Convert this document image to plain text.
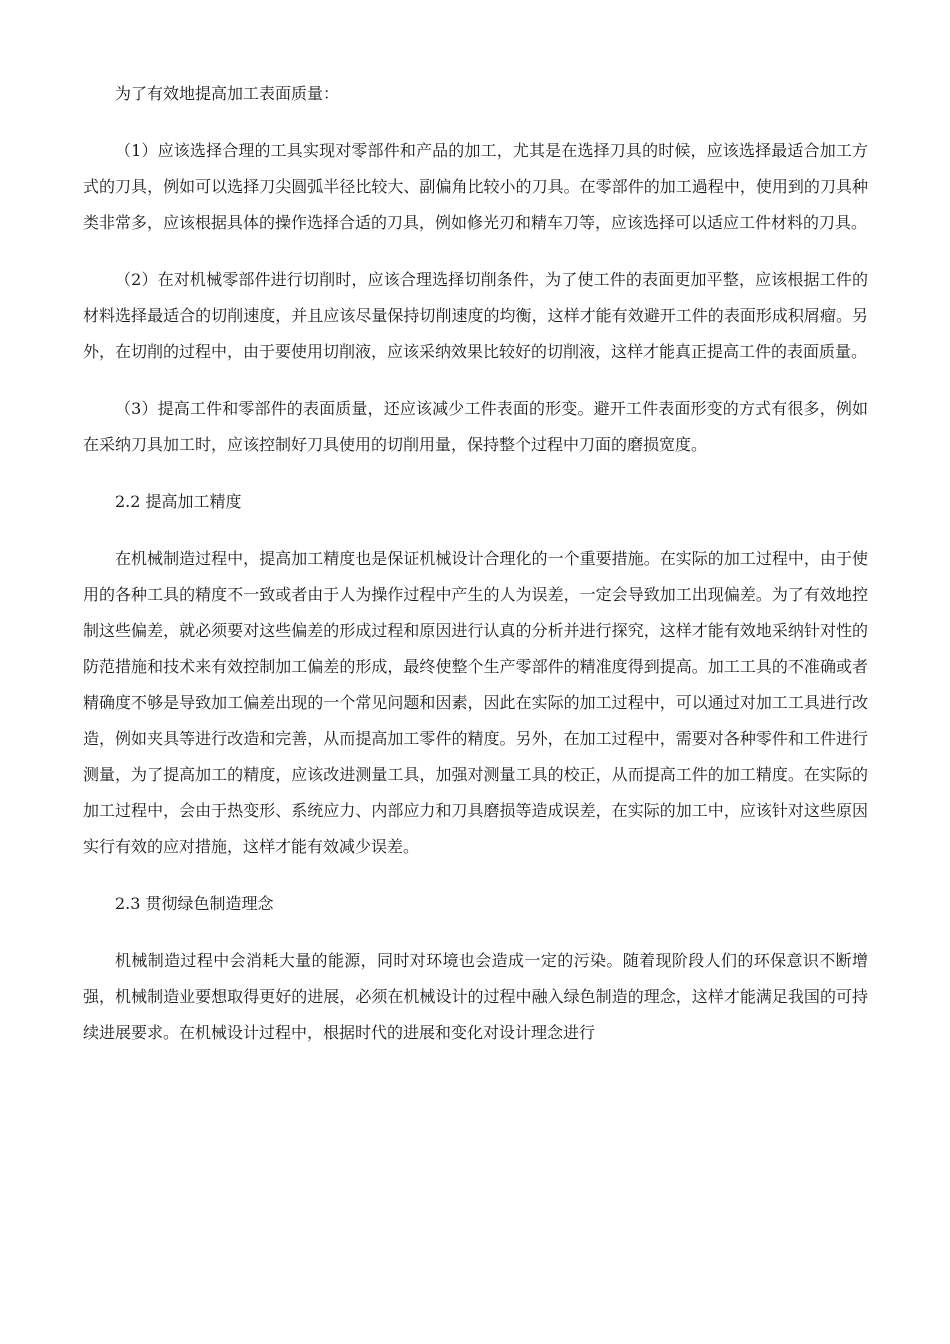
为了有效地提高加工表面质量：

（1）应该选择合理的工具实现对零部件和产品的加工，尤其是在选择刀具的时候，应该选择最适合加工方式的刀具，例如可以选择刀尖圆弧半径比较大、副偏角比较小的刀具。在零部件的加工過程中，使用到的刀具种类非常多，应该根据具体的操作选择合适的刀具，例如修光刃和精车刀等，应该选择可以适应工件材料的刀具。

（2）在对机械零部件进行切削时，应该合理选择切削条件，为了使工件的表面更加平整，应该根据工件的材料选择最适合的切削速度，并且应该尽量保持切削速度的均衡，这样才能有效避开工件的表面形成积屑瘤。另外，在切削的过程中，由于要使用切削液，应该采纳效果比较好的切削液，这样才能真正提高工件的表面质量。

（3）提高工件和零部件的表面质量，还应该减少工件表面的形变。避开工件表面形变的方式有很多，例如在采纳刀具加工时，应该控制好刀具使用的切削用量，保持整个过程中刀面的磨损宽度。

2.2 提高加工精度

在机械制造过程中，提高加工精度也是保证机械设计合理化的一个重要措施。在实际的加工过程中，由于使用的各种工具的精度不一致或者由于人为操作过程中产生的人为误差，一定会导致加工出现偏差。为了有效地控制这些偏差，就必须要对这些偏差的形成过程和原因进行认真的分析并进行探究，这样才能有效地采纳针对性的防范措施和技术来有效控制加工偏差的形成，最终使整个生产零部件的精准度得到提高。加工工具的不准确或者精确度不够是导致加工偏差出现的一个常见问题和因素，因此在实际的加工过程中，可以通过对加工工具进行改造，例如夹具等进行改造和完善，从而提高加工零件的精度。另外，在加工过程中，需要对各种零件和工件进行测量，为了提高加工的精度，应该改进测量工具，加强对测量工具的校正，从而提高工件的加工精度。在实际的加工过程中，会由于热变形、系统应力、内部应力和刀具磨损等造成误差，在实际的加工中，应该针对这些原因实行有效的应对措施，这样才能有效减少误差。

2.3 贯彻绿色制造理念

机械制造过程中会消耗大量的能源，同时对环境也会造成一定的污染。随着现阶段人们的环保意识不断增强，机械制造业要想取得更好的进展，必须在机械设计的过程中融入绿色制造的理念，这样才能满足我国的可持续进展要求。在机械设计过程中，根据时代的进展和变化对设计理念进行
